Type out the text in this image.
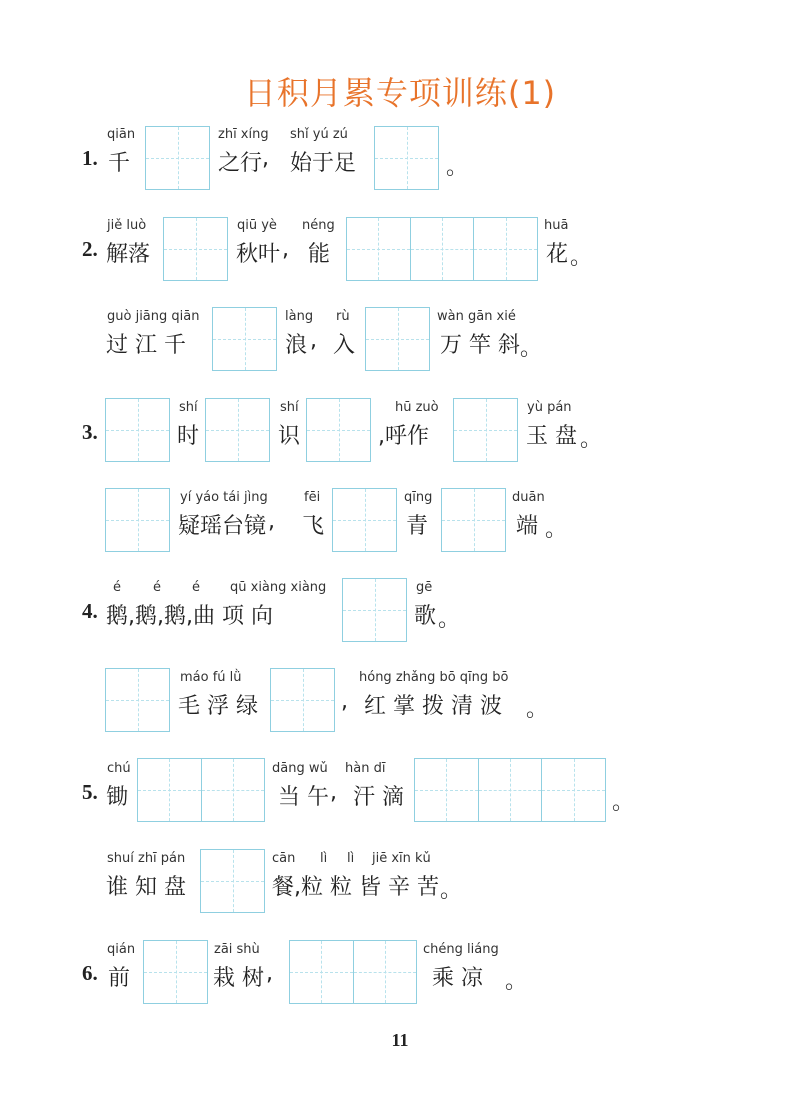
日积月累专项训练(1)
1.
qiān
千
zhī xíng
之行 ,
shǐ yú zú
始于足	。
2.
jiě luò
解落
qiū yè
秋叶 ,
néng
能
huā
花 。
guò jiāng qiān
过 江 千
làng
浪 ,
rù
入
wàn gān xié
万 竿 斜 。
3.
shí
时
shí
识
hū zuò
,呼作
yù pán
玉 盘 。
yí yáo tái jìng
疑瑶台镜 ,
fēi
飞
qīng
青
duān
端 。
4.
é é é qū xiàng xiàng
鹅,鹅,鹅,曲 项 向
gē
歌 。
máo fú lǜ
毛 浮 绿	,
hóng zhǎng bō qīng bō
红 掌 拨 清 波 。
5.
chú
锄
dāng wǔ
当 午 ,
hàn dī
汗 滴	。
shuí zhī pán
谁 知 盘
cān lì lì jiē xīn kǔ
餐,粒 粒 皆 辛 苦 。
6.
qián
前
zāi shù
栽 树 ,
chéng liáng
乘 凉 。
11
